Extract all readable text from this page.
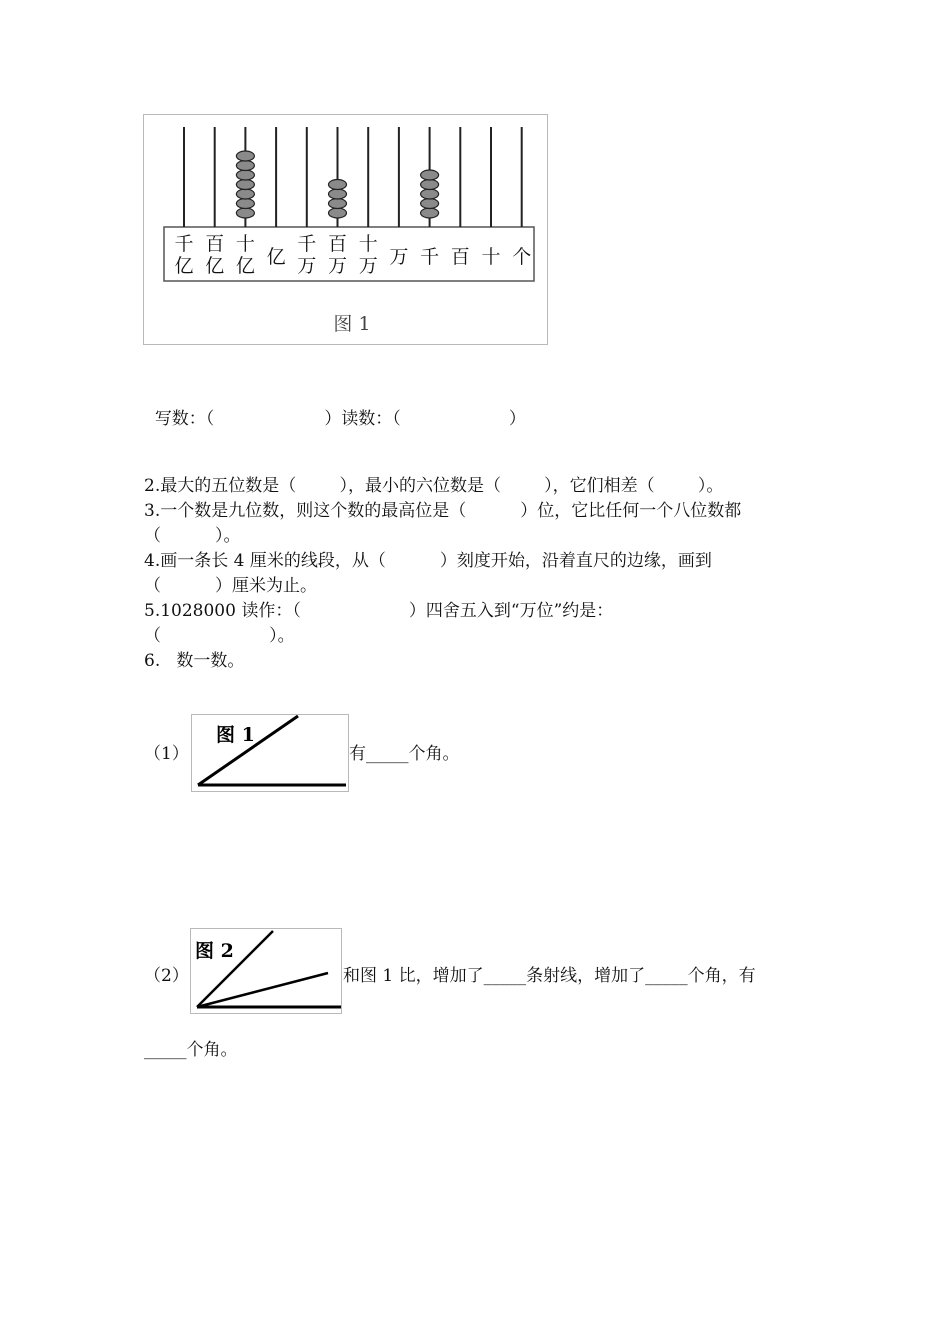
千
亿
百
亿
十
亿 亿
千
万
百
万
十
万 万 千 百 十 个
图 1

写数：（	）读数：（	）

2.最大的五位数是（        ），最小的六位数是（        ），它们相差（        ）。
3.一个数是九位数，则这个数的最高位是（          ）位，它比任何一个八位数都
（          ）。
4.画一条长 4 厘米的线段，从（          ）刻度开始，沿着直尺的边缘，画到
（          ）厘米为止。
5.1028000 读作：（                    ）四舍五入到“万位”约是：
（                    ）。
6.   数一数。
（1）
图 1
有_____个角。
（2）
图 2
和图 1 比，增加了_____条射线，增加了_____个角，有
_____个角。
